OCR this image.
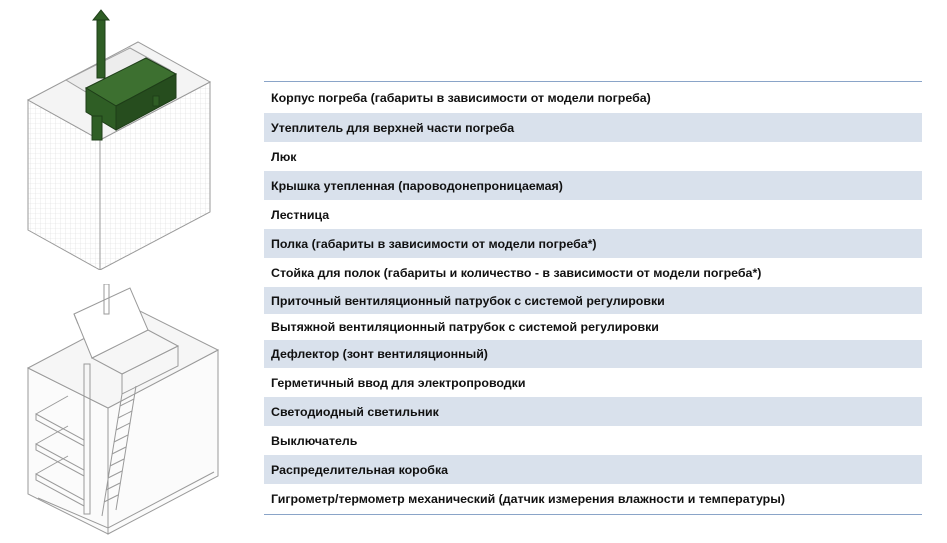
Корпус погреба (габариты в зависимости от модели погреба)
Утеплитель для верхней части погреба
Люк
Крышка утепленная (пароводонепроницаемая)
Лестница
Полка (габариты в зависимости от модели погреба*)
Стойка для полок (габариты и количество - в зависимости от модели погреба*)
Приточный вентиляционный патрубок с системой регулировки
Вытяжной вентиляционный патрубок с системой регулировки
Дефлектор (зонт вентиляционный)
Герметичный ввод для электропроводки
Светодиодный светильник
Выключатель
Распределительная коробка
Гигрометр/термометр механический (датчик измерения влажности и температуры)
